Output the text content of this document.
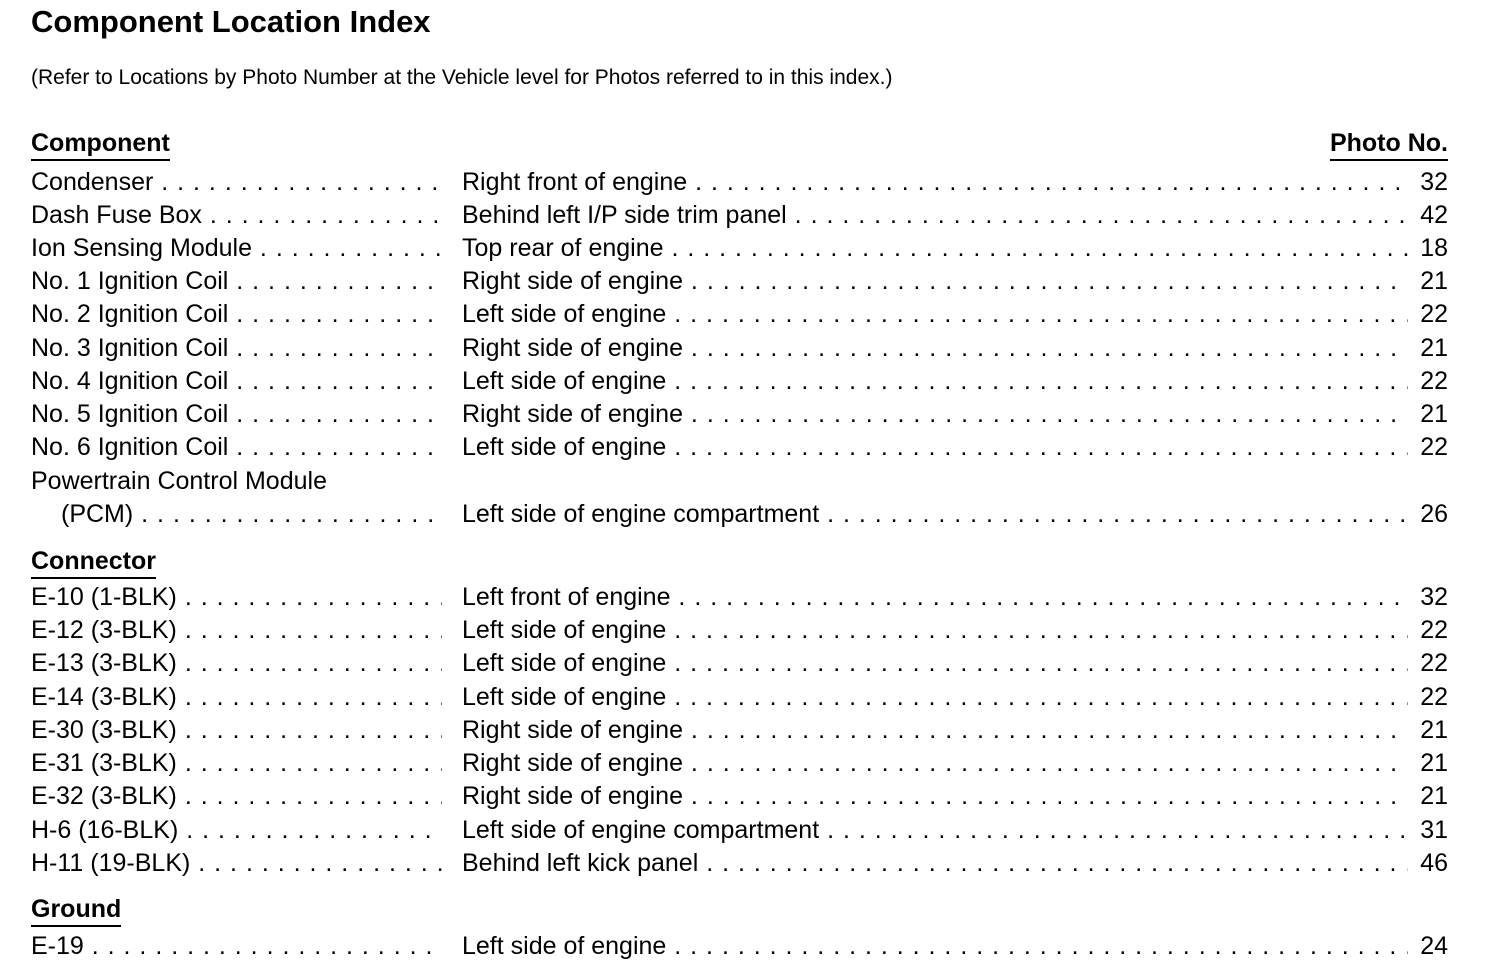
Component Location Index
(Refer to Locations by Photo Number at the Vehicle level for Photos referred to in this index.)
Component	Photo No.
Condenser . . .	Right front of engine . . .	32
Dash Fuse Box . . .	Behind left I/P side trim panel . . .	42
Ion Sensing Module . . .	Top rear of engine . . .	18
No. 1 Ignition Coil . . .	Right side of engine . . .	21
No. 2 Ignition Coil . . .	Left side of engine . . .	22
No. 3 Ignition Coil . . .	Right side of engine . . .	21
No. 4 Ignition Coil . . .	Left side of engine . . .	22
No. 5 Ignition Coil . . .	Right side of engine . . .	21
No. 6 Ignition Coil . . .	Left side of engine . . .	22
Powertrain Control Module
(PCM) . . .	Left side of engine compartment . . .	26
Connector
E-10 (1-BLK) . . .	Left front of engine . . .	32
E-12 (3-BLK) . . .	Left side of engine . . .	22
E-13 (3-BLK) . . .	Left side of engine . . .	22
E-14 (3-BLK) . . .	Left side of engine . . .	22
E-30 (3-BLK) . . .	Right side of engine . . .	21
E-31 (3-BLK) . . .	Right side of engine . . .	21
E-32 (3-BLK) . . .	Right side of engine . . .	21
H-6 (16-BLK) . . .	Left side of engine compartment . . .	31
H-11 (19-BLK) . . .	Behind left kick panel . . .	46
Ground
E-19 . . .	Left side of engine . . .	24
